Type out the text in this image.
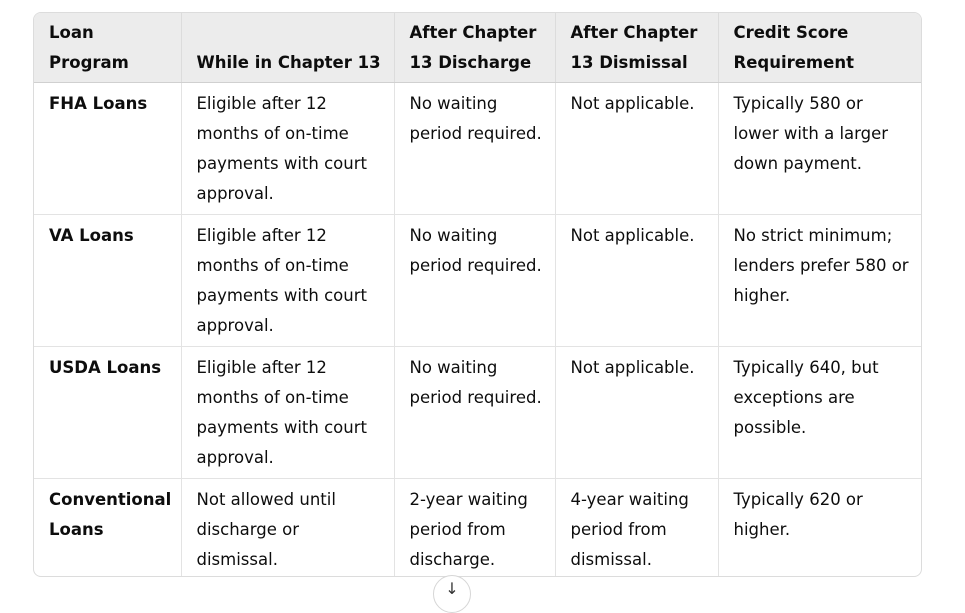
Loan Program	While in Chapter 13	After Chapter 13 Discharge	After Chapter 13 Dismissal	Credit Score Requirement
FHA Loans	Eligible after 12 months of on-time payments with court approval.	No waiting period required.	Not applicable.	Typically 580 or lower with a larger down payment.
VA Loans	Eligible after 12 months of on-time payments with court approval.	No waiting period required.	Not applicable.	No strict minimum; lenders prefer 580 or higher.
USDA Loans	Eligible after 12 months of on-time payments with court approval.	No waiting period required.	Not applicable.	Typically 640, but exceptions are possible.
Conventional Loans	Not allowed until discharge or dismissal.	2-year waiting period from discharge.	4-year waiting period from dismissal.	Typically 620 or higher.
↓
